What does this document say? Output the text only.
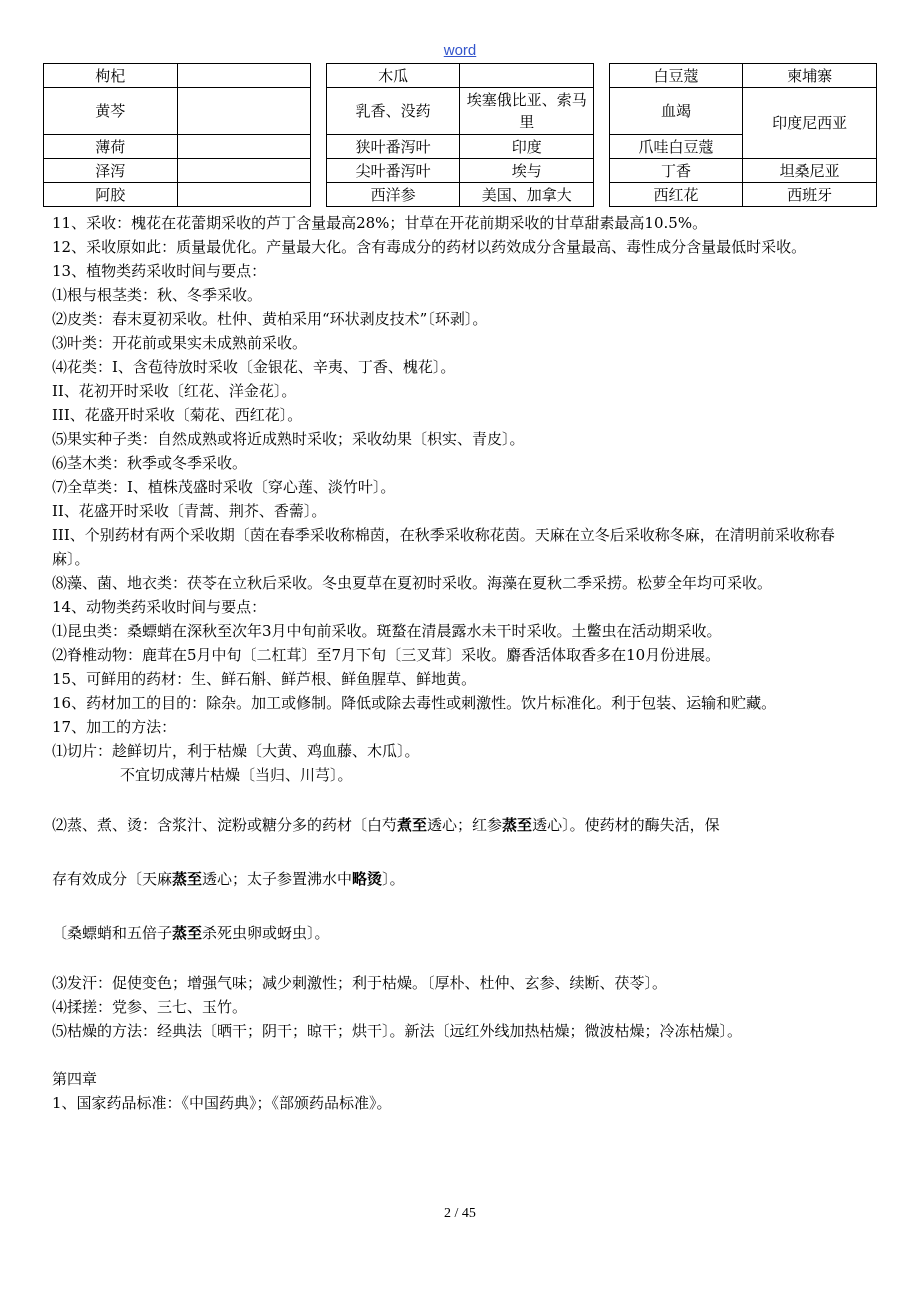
word
枸杞			木瓜			白豆蔻	柬埔寨
黄芩			乳香、没药	埃塞俄比亚、索马里		血竭	印度尼西亚
薄荷			狭叶番泻叶	印度		爪哇白豆蔻	
泽泻			尖叶番泻叶	埃与		丁香	坦桑尼亚
阿胶			西洋参	美国、加拿大		西红花	西班牙

11、采收：槐花在花蕾期采收的芦丁含量最高28%；甘草在开花前期采收的甘草甜素最高10.5%。

12、采收原如此：质量最优化。产量最大化。含有毒成分的药材以药效成分含量最高、毒性成分含量最低时采收。

13、植物类药采收时间与要点：

⑴根与根茎类：秋、冬季采收。

⑵皮类：春末夏初采收。杜仲、黄柏采用“环状剥皮技术”〔环剥〕。

⑶叶类：开花前或果实未成熟前采收。

⑷花类：I、含苞待放时采收〔金银花、辛夷、丁香、槐花〕。

II、花初开时采收〔红花、洋金花〕。

III、花盛开时采收〔菊花、西红花〕。

⑸果实种子类：自然成熟或将近成熟时采收；采收幼果〔枳实、青皮〕。

⑹茎木类：秋季或冬季采收。

⑺全草类：I、植株茂盛时采收〔穿心莲、淡竹叶〕。

II、花盛开时采收〔青蒿、荆芥、香薷〕。

III、个别药材有两个采收期〔茵在春季采收称棉茵，在秋季采收称花茵。天麻在立冬后采收称冬麻，在清明前采收称春麻〕。

⑻藻、菌、地衣类：茯苓在立秋后采收。冬虫夏草在夏初时采收。海藻在夏秋二季采捞。松萝全年均可采收。

14、动物类药采收时间与要点：

⑴昆虫类：桑螵蛸在深秋至次年3月中旬前采收。斑蝥在清晨露水未干时采收。土鳖虫在活动期采收。

⑵脊椎动物：鹿茸在5月中旬〔二杠茸〕至7月下旬〔三叉茸〕采收。麝香活体取香多在10月份进展。

15、可鲜用的药材：生、鲜石斛、鲜芦根、鲜鱼腥草、鲜地黄。

16、药材加工的目的：除杂。加工或修制。降低或除去毒性或刺激性。饮片标准化。利于包装、运输和贮藏。

17、加工的方法：

⑴切片：趁鲜切片，利于枯燥〔大黄、鸡血藤、木瓜〕。

不宜切成薄片枯燥〔当归、川芎〕。

⑵蒸、煮、烫：含浆汁、淀粉或糖分多的药材〔白芍煮至透心；红参蒸至透心〕。使药材的酶失活，保

存有效成分〔天麻蒸至透心；太子参置沸水中略烫〕。

〔桑螵蛸和五倍子蒸至杀死虫卵或蚜虫〕。

⑶发汗：促使变色；增强气味；减少刺激性；利于枯燥。〔厚朴、杜仲、玄参、续断、茯苓〕。

⑷揉搓：党参、三七、玉竹。

⑸枯燥的方法：经典法〔晒干；阴干；晾干；烘干〕。新法〔远红外线加热枯燥；微波枯燥；冷冻枯燥〕。

第四章

1、国家药品标准：《中国药典》；《部颁药品标准》。

2 / 45
